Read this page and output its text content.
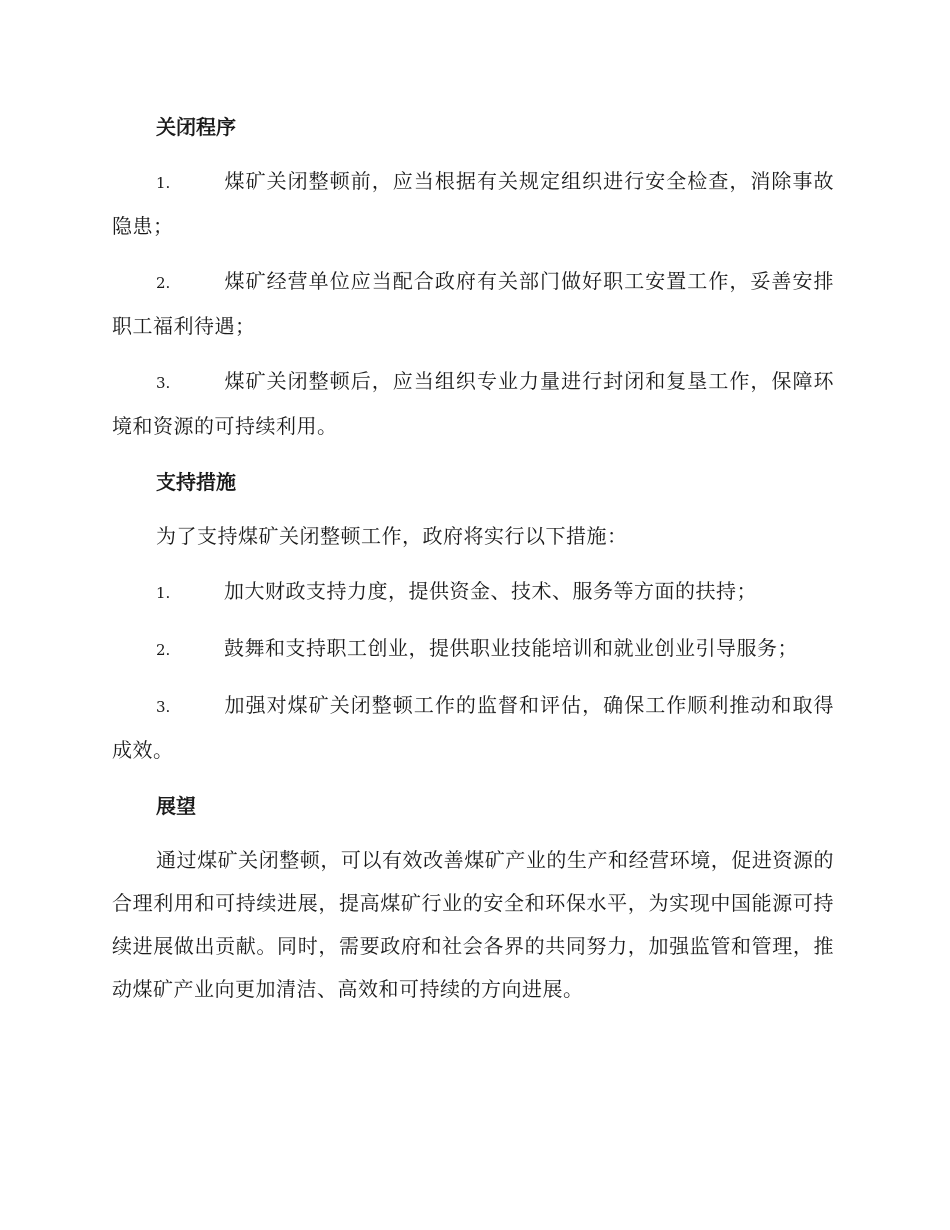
关闭程序
1.	煤矿关闭整顿前，应当根据有关规定组织进行安全检查，消除事故隐患；
2.	煤矿经营单位应当配合政府有关部门做好职工安置工作，妥善安排职工福利待遇；
3.	煤矿关闭整顿后，应当组织专业力量进行封闭和复垦工作，保障环境和资源的可持续利用。
支持措施
为了支持煤矿关闭整顿工作，政府将实行以下措施：
1.	加大财政支持力度，提供资金、技术、服务等方面的扶持；
2.	鼓舞和支持职工创业，提供职业技能培训和就业创业引导服务；
3.	加强对煤矿关闭整顿工作的监督和评估，确保工作顺利推动和取得成效。
展望
通过煤矿关闭整顿，可以有效改善煤矿产业的生产和经营环境，促进资源的合理利用和可持续进展，提高煤矿行业的安全和环保水平，为实现中国能源可持续进展做出贡献。同时，需要政府和社会各界的共同努力，加强监管和管理，推动煤矿产业向更加清洁、高效和可持续的方向进展。
